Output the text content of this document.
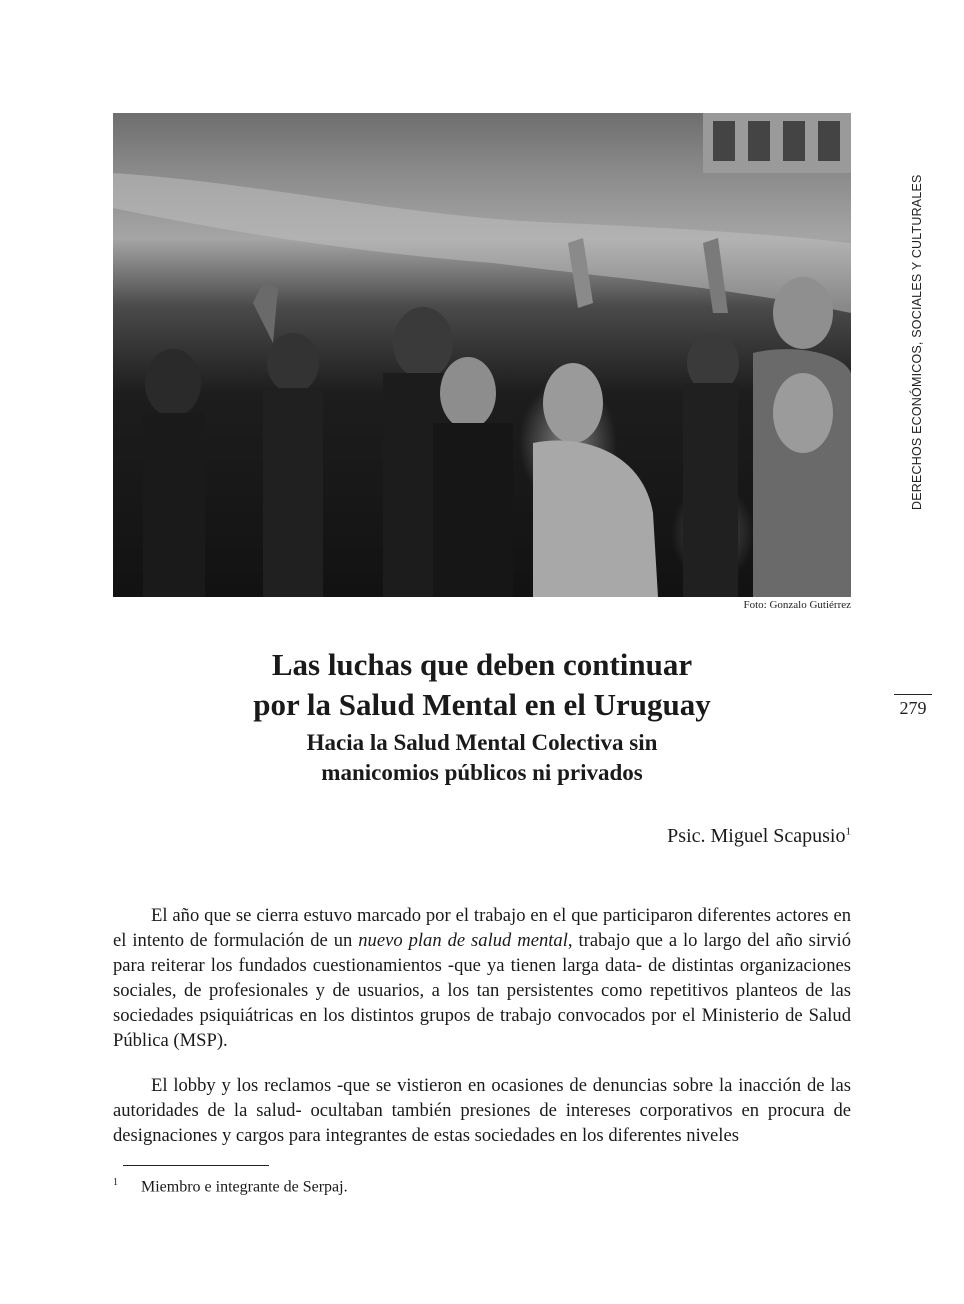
Foto: Gonzalo Gutiérrez
DERECHOS ECONÓMICOS, SOCIALES Y CULTURALES
279
Las luchas que deben continuar
por la Salud Mental en el Uruguay
Hacia la Salud Mental Colectiva sin
manicomios públicos ni privados
Psic. Miguel Scapusio$^1$

El año que se cierra estuvo marcado por el trabajo en el que participaron diferentes actores en el intento de formulación de un nuevo plan de salud mental, trabajo que a lo largo del año sirvió para reiterar los fundados cuestionamientos -que ya tienen larga data- de distintas organizaciones sociales, de profesionales y de usuarios, a los tan persistentes como repetitivos planteos de las sociedades psiquiátricas en los distintos grupos de trabajo convocados por el Ministerio de Salud Pública (MSP).

El lobby y los reclamos -que se vistieron en ocasiones de denuncias sobre la inacción de las autoridades de la salud- ocultaban también presiones de intereses corporativos en procura de designaciones y cargos para integrantes de estas sociedades en los diferentes niveles

1 Miembro e integrante de Serpaj.
